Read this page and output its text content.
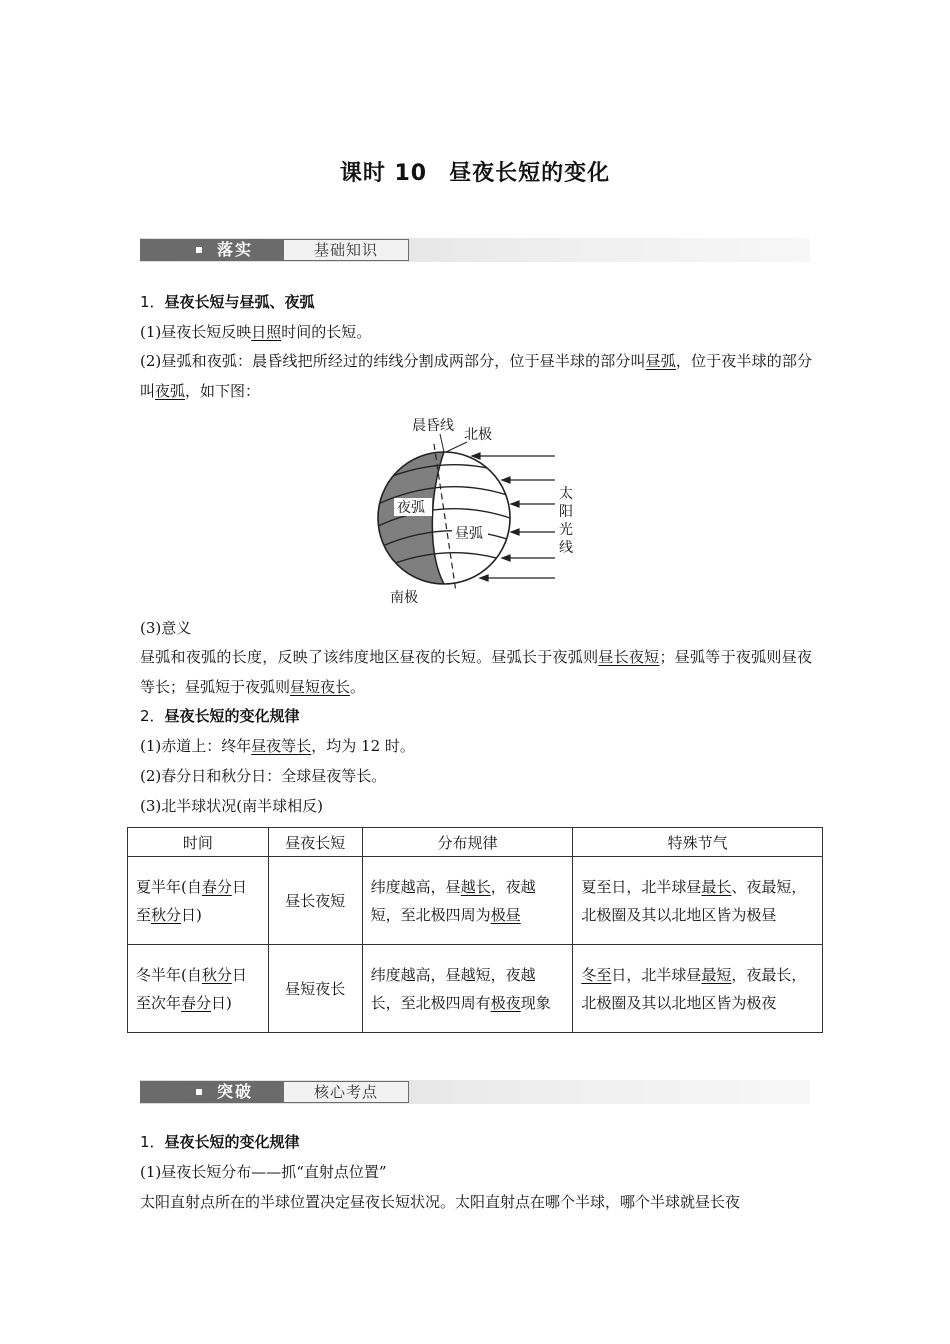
课时 10 昼夜长短的变化
落实	基础知识
1．昼夜长短与昼弧、夜弧
(1)昼夜长短反映日照时间的长短。
(2)昼弧和夜弧：晨昏线把所经过的纬线分割成两部分，位于昼半球的部分叫昼弧，位于夜半球的部分叫夜弧，如下图：
晨昏线
北极
夜弧
昼弧
南极
太
阳
光
线
(3)意义
昼弧和夜弧的长度，反映了该纬度地区昼夜的长短。昼弧长于夜弧则昼长夜短；昼弧等于夜弧则昼夜等长；昼弧短于夜弧则昼短夜长。
2．昼夜长短的变化规律
(1)赤道上：终年昼夜等长，均为 12 时。
(2)春分日和秋分日：全球昼夜等长。
(3)北半球状况(南半球相反)
时间	昼夜长短	分布规律	特殊节气
夏半年(自春分日至秋分日)	昼长夜短	纬度越高，昼越长，夜越短，至北极四周为极昼	夏至日，北半球昼最长、夜最短，北极圈及其以北地区皆为极昼
冬半年(自秋分日至次年春分日)	昼短夜长	纬度越高，昼越短，夜越长，至北极四周有极夜现象	冬至日，北半球昼最短，夜最长，北极圈及其以北地区皆为极夜
突破	核心考点
1．昼夜长短的变化规律
(1)昼夜长短分布——抓“直射点位置”
太阳直射点所在的半球位置决定昼夜长短状况。太阳直射点在哪个半球，哪个半球就昼长夜
